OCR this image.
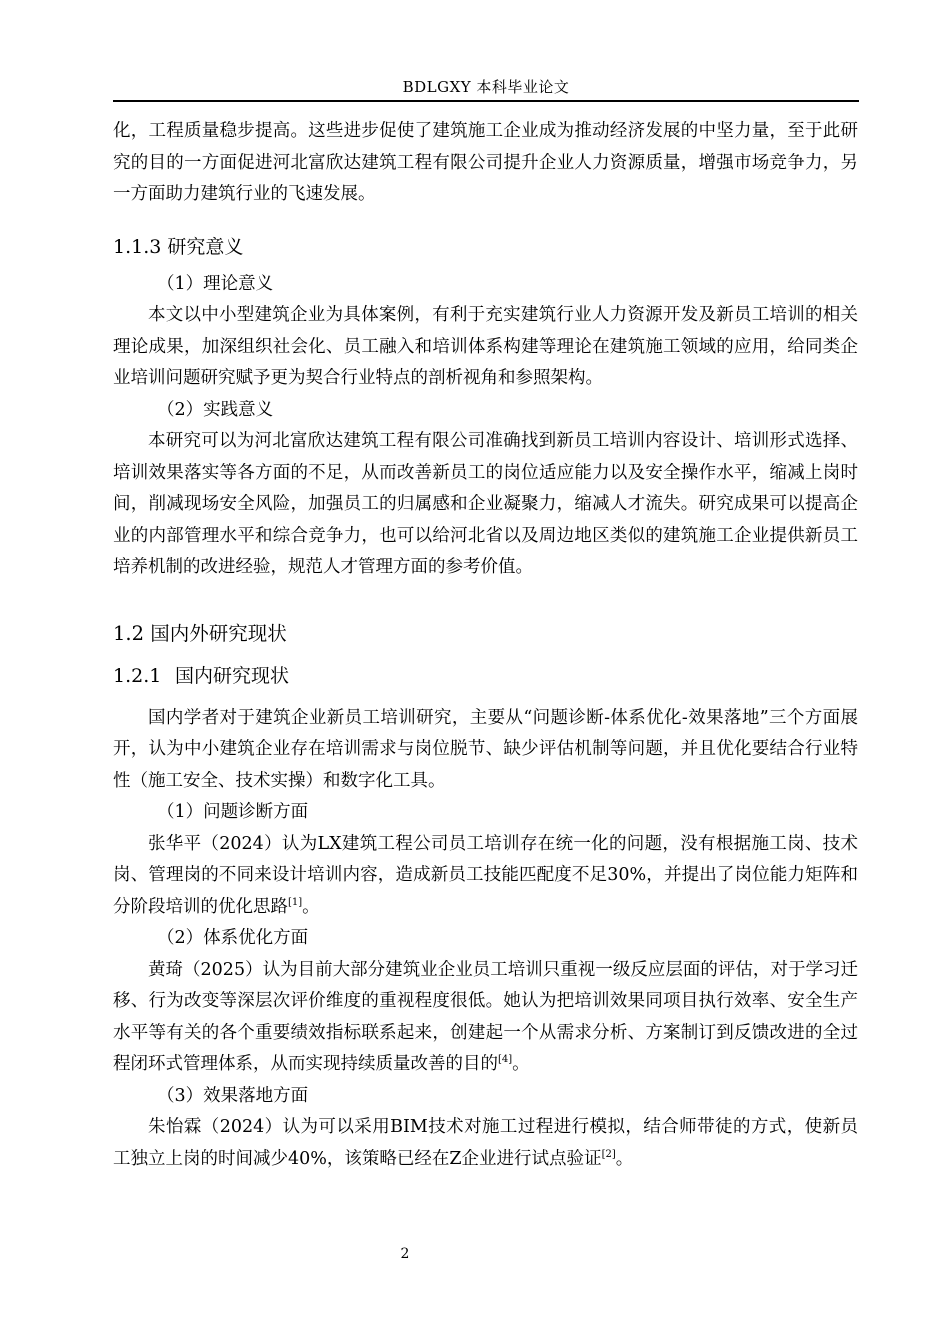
BDLGXY 本科毕业论文

化，工程质量稳步提高。这些进步促使了建筑施工企业成为推动经济发展的中坚力量，至于此研究的目的一方面促进河北富欣达建筑工程有限公司提升企业人力资源质量，增强市场竞争力，另一方面助力建筑行业的飞速发展。

1.1.3 研究意义

（1）理论意义

本文以中小型建筑企业为具体案例，有利于充实建筑行业人力资源开发及新员工培训的相关理论成果，加深组织社会化、员工融入和培训体系构建等理论在建筑施工领域的应用，给同类企业培训问题研究赋予更为契合行业特点的剖析视角和参照架构。

（2）实践意义

本研究可以为河北富欣达建筑工程有限公司准确找到新员工培训内容设计、培训形式选择、培训效果落实等各方面的不足，从而改善新员工的岗位适应能力以及安全操作水平，缩减上岗时间，削减现场安全风险，加强员工的归属感和企业凝聚力，缩减人才流失。研究成果可以提高企业的内部管理水平和综合竞争力，也可以给河北省以及周边地区类似的建筑施工企业提供新员工培养机制的改进经验，规范人才管理方面的参考价值。

1.2 国内外研究现状
1.2.1 国内研究现状

国内学者对于建筑企业新员工培训研究，主要从“问题诊断-体系优化-效果落地”三个方面展开，认为中小建筑企业存在培训需求与岗位脱节、缺少评估机制等问题，并且优化要结合行业特性（施工安全、技术实操）和数字化工具。

（1）问题诊断方面

张华平（2024）认为LX建筑工程公司员工培训存在统一化的问题，没有根据施工岗、技术岗、管理岗的不同来设计培训内容，造成新员工技能匹配度不足30%，并提出了岗位能力矩阵和分阶段培训的优化思路[1]。

（2）体系优化方面

黄琦（2025）认为目前大部分建筑业企业员工培训只重视一级反应层面的评估，对于学习迁移、行为改变等深层次评价维度的重视程度很低。她认为把培训效果同项目执行效率、安全生产水平等有关的各个重要绩效指标联系起来，创建起一个从需求分析、方案制订到反馈改进的全过程闭环式管理体系，从而实现持续质量改善的目的[4]。

（3）效果落地方面

朱怡霖（2024）认为可以采用BIM技术对施工过程进行模拟，结合师带徒的方式，使新员工独立上岗的时间减少40%，该策略已经在Z企业进行试点验证[2]。

2
